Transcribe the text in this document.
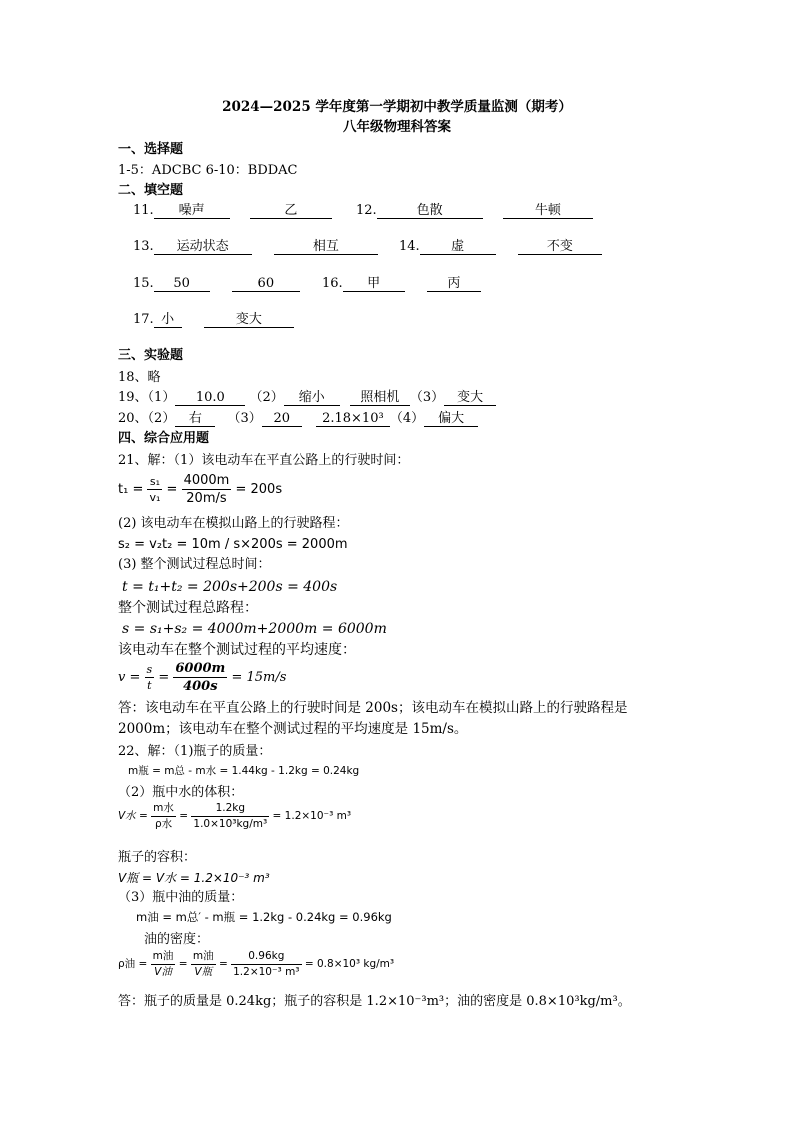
2024—2025 学年度第一学期初中教学质量监测（期考）
八年级物理科答案
一、选择题
1-5：ADCBC 6-10：BDDAC
二、填空题
11. 噪声	乙	12.	色散	牛顿
13. 运动状态	相互	14. 虚	不变
15. 50	60	16. 甲	丙
17. 小	变大
三、实验题
18、略
19、（1） 10.0 （2） 缩小	照相机 （3） 变大
20、（2） 右 （3） 20 2.18×10³ （4） 偏大
四、综合应用题
21、解：（1）该电动车在平直公路上的行驶时间：
$t_1 = \frac{\text{s₁}}{\text{v₁}} = \frac{4000m}{20m/s} = 200s$
(2) 该电动车在模拟山路上的行驶路程：
s₂ = v₂t₂ = 10m / s×200s = 2000m
(3) 整个测试过程总时间：
t = t₁+t₂ = 200s+200s = 400s
整个测试过程总路程：
s = s₁+s₂ = 4000m+2000m = 6000m
该电动车在整个测试过程的平均速度：
$v = \frac{s}{t} = \frac{6000m}{400s} = 15m/s$
答：该电动车在平直公路上的行驶时间是 200s；该电动车在模拟山路上的行驶路程是
2000m；该电动车在整个测试过程的平均速度是 15m/s。
22、解：（1)瓶子的质量：
m瓶 = m总 - m水 = 1.44kg - 1.2kg = 0.24kg
（2）瓶中水的体积：
V水 = $\frac{\text{m水}}{\text{ρ水}} = \frac{1.2kg}{\text{1.0×10³kg/m³}} = 1.2\times 10^{-3}$ m³
瓶子的容积：
V瓶 = V水 = 1.2×10⁻³ m³
（3）瓶中油的质量：
m油 = m总′ - m瓶 = 1.2kg - 0.24kg = 0.96kg
油的密度：
ρ油 = $\frac{\text{m油}}{\text{V油}} = \frac{\text{m油}}{\text{V瓶}} = \frac{0.96kg}{\text{1.2×10⁻³ m³}} = 0.8\times 10^3$ kg/m³
答：瓶子的质量是 0.24kg；瓶子的容积是 1.2×10⁻³m³；油的密度是 0.8×10³kg/m³。
